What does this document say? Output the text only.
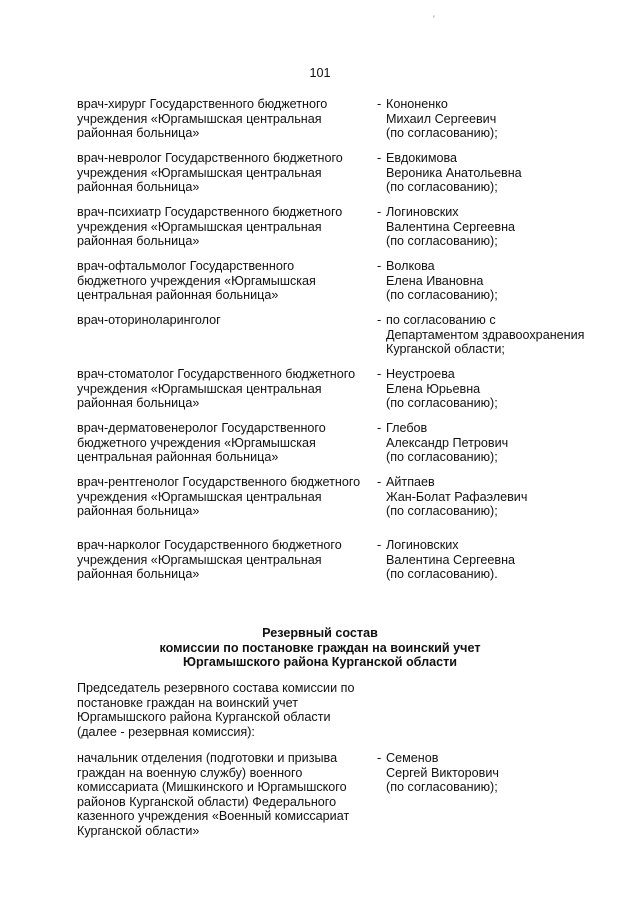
101
'
врач-хирург Государственного бюджетного
учреждения «Юргамышская центральная
районная больница»
- Кононенко
Михаил Сергеевич
(по согласованию);
врач-невролог Государственного бюджетного
учреждения «Юргамышская центральная
районная больница»
- Евдокимова
Вероника Анатольевна
(по согласованию);
врач-психиатр Государственного бюджетного
учреждения «Юргамышская центральная
районная больница»
- Логиновских
Валентина Сергеевна
(по согласованию);
врач-офтальмолог Государственного
бюджетного учреждения «Юргамышская
центральная районная больница»
- Волкова
Елена Ивановна
(по согласованию);
врач-оториноларинголог	- по согласованию с
Департаментом здравоохранения
Курганской области;
врач-стоматолог Государственного бюджетного
учреждения «Юргамышская центральная
районная больница»
- Неустроева
Елена Юрьевна
(по согласованию);
врач-дерматовенеролог Государственного
бюджетного учреждения «Юргамышская
центральная районная больница»
- Глебов
Александр Петрович
(по согласованию);
врач-рентгенолог Государственного бюджетного
учреждения «Юргамышская центральная
районная больница»
- Айтпаев
Жан-Болат Рафаэлевич
(по согласованию);
врач-нарколог Государственного бюджетного
учреждения «Юргамышская центральная
районная больница»
- Логиновских
Валентина Сергеевна
(по согласованию).
Резервный состав
комиссии по постановке граждан на воинский учет
Юргамышского района Курганской области
Председатель резервного состава комиссии по
постановке граждан на воинский учет
Юргамышского района Курганской области
(далее - резервная комиссия):
начальник отделения (подготовки и призыва
граждан на военную службу) военного
комиссариата (Мишкинского и Юргамышского
районов Курганской области) Федерального
казенного учреждения «Военный комиссариат
Курганской области»
- Семенов
Сергей Викторович
(по согласованию);
